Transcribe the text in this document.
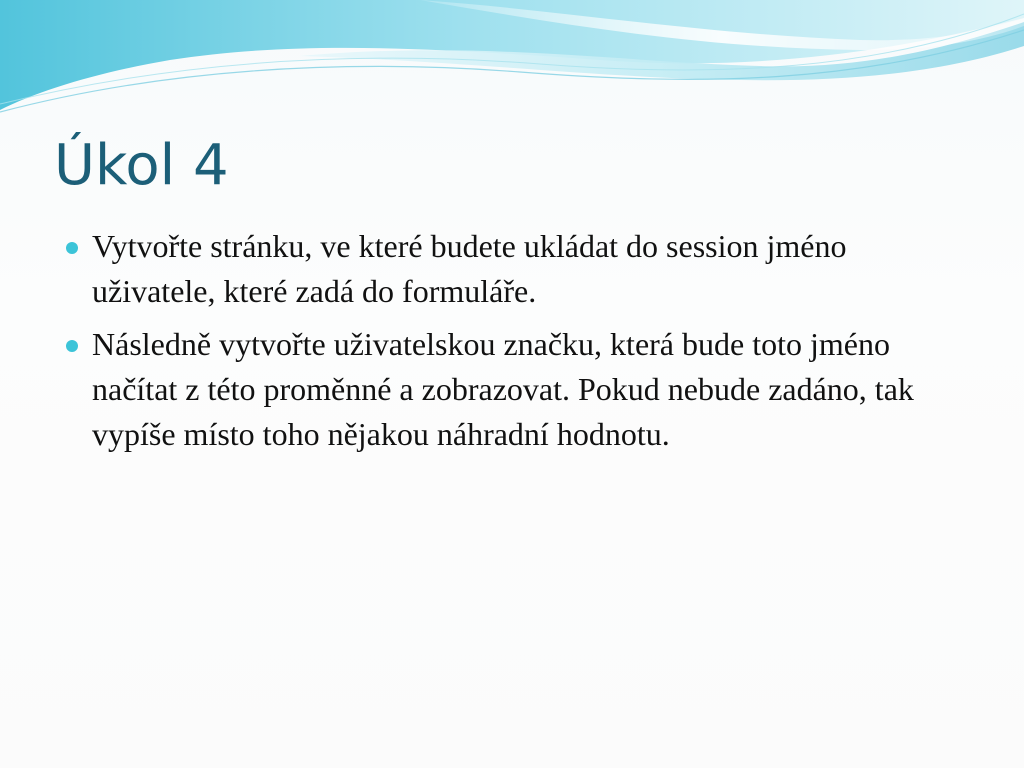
Úkol 4
Vytvořte stránku, ve které budete ukládat do session jméno uživatele, které zadá do formuláře.
Následně vytvořte uživatelskou značku, která bude toto jméno načítat z této proměnné a zobrazovat. Pokud nebude zadáno, tak vypíše místo toho nějakou náhradní hodnotu.
